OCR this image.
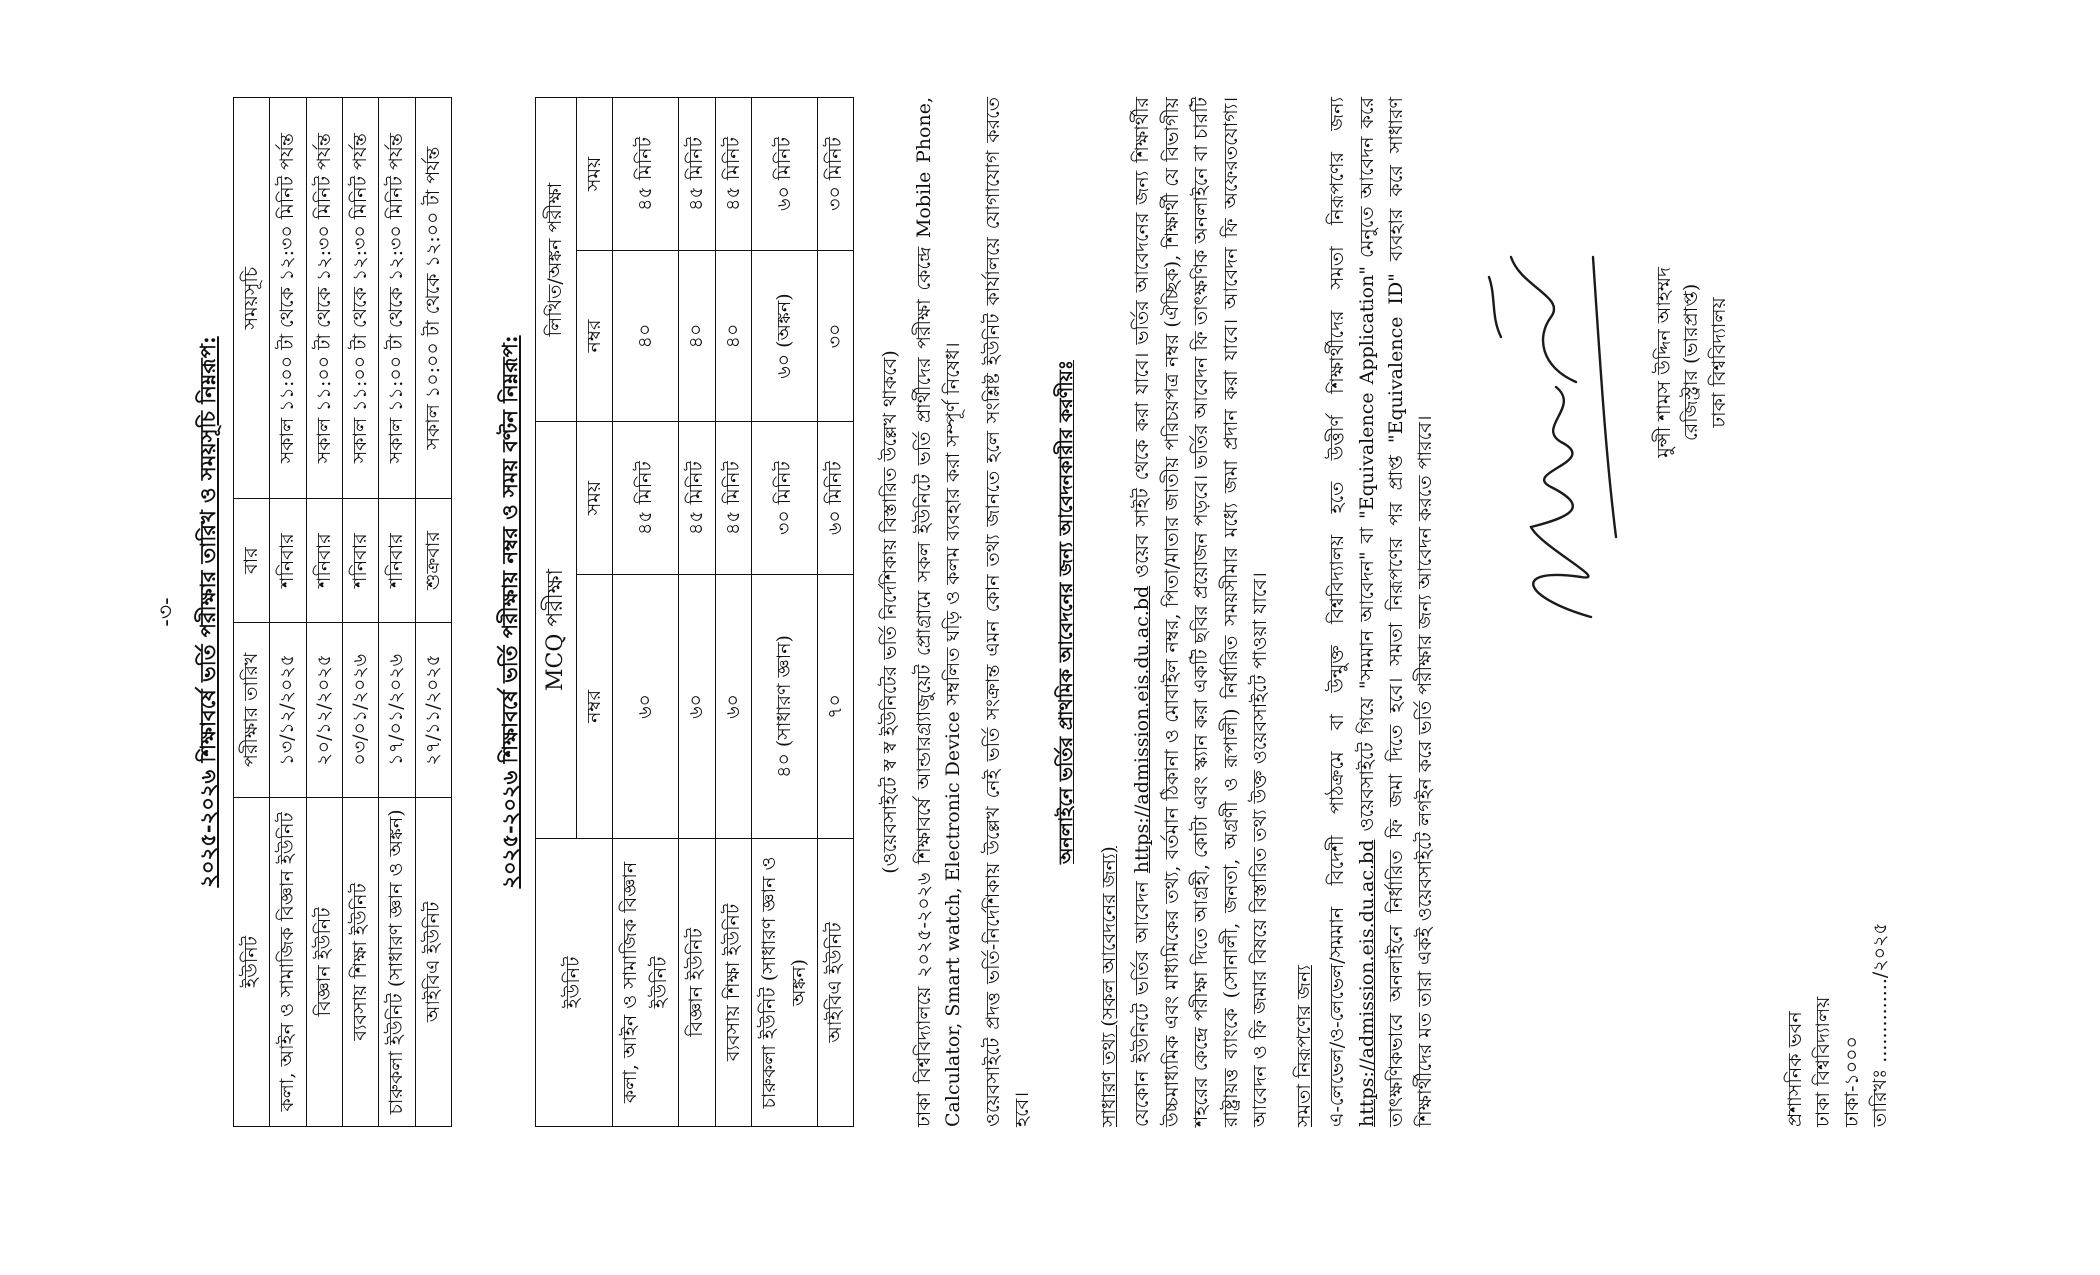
-৩- ২০২৫-২০২৬ শিক্ষাবর্ষে ভর্তি পরীক্ষার তারিখ ও সময়সূচি নিম্নরূপ:
ইউনিট	পরীক্ষার তারিখ	বার	সময়সূচি
কলা, আইন ও সামাজিক বিজ্ঞান ইউনিট	১৩/১২/২০২৫	শনিবার	সকাল ১১:০০ টা থেকে ১২:৩০ মিনিট পর্যন্ত
বিজ্ঞান ইউনিট	২০/১২/২০২৫	শনিবার	সকাল ১১:০০ টা থেকে ১২:৩০ মিনিট পর্যন্ত
ব্যবসায় শিক্ষা ইউনিট	০৩/০১/২০২৬	শনিবার	সকাল ১১:০০ টা থেকে ১২:৩০ মিনিট পর্যন্ত
চারুকলা ইউনিট (সাধারণ জ্ঞান ও অঙ্কন)	১৭/০১/২০২৬	শনিবার	সকাল ১১:০০ টা থেকে ১২:৩০ মিনিট পর্যন্ত
আইবিএ ইউনিট	২৭/১১/২০২৫	শুক্রবার	সকাল ১০:০০ টা থেকে ১২:০০ টা পর্যন্ত
২০২৫-২০২৬ শিক্ষাবর্ষে ভর্তি পরীক্ষায় নম্বর ও সময় বণ্টন নিম্নরূপ:
ইউনিট	MCQ পরীক্ষা		লিখিত/অঙ্কন পরীক্ষা	
	নম্বর	সময়	নম্বর	সময়
কলা, আইন ও সামাজিক বিজ্ঞান ইউনিট	৬০	৪৫ মিনিট	৪০	৪৫ মিনিট
বিজ্ঞান ইউনিট	৬০	৪৫ মিনিট	৪০	৪৫ মিনিট
ব্যবসায় শিক্ষা ইউনিট	৬০	৪৫ মিনিট	৪০	৪৫ মিনিট
চারুকলা ইউনিট (সাধারণ জ্ঞান ও অঙ্কন)	৪০ (সাধারণ জ্ঞান)	৩০ মিনিট	৬০ (অঙ্কন)	৬০ মিনিট
আইবিএ ইউনিট	৭০	৬০ মিনিট	৩০	৩০ মিনিট
(ওয়েবসাইটে স্ব স্ব ইউনিটের ভর্তি নির্দেশিকায় বিস্তারিত উল্লেখ থাকবে) ঢাকা বিশ্ববিদ্যালয়ে ২০২৫-২০২৬ শিক্ষাবর্ষে আন্ডারগ্র্যাজুয়েট প্রোগ্রামে সকল ইউনিটে ভর্তি প্রার্থীদের পরীক্ষা কেন্দ্রে Mobile Phone, Calculator, Smart watch, Electronic Device সম্বলিত ঘড়ি ও কলম ব্যবহার করা সম্পূর্ণ নিষেধ। ওয়েবসাইটে প্রদত্ত ভর্তি-নির্দেশিকায় উল্লেখ নেই ভর্তি সংক্রান্ত এমন কোন তথ্য জানতে হলে সংশ্লিষ্ট ইউনিট কার্যালয়ে যোগাযোগ করতে হবে।

অনলাইনে ভর্তির প্রাথমিক আবেদনের জন্য আবেদনকারীর করণীয়ঃ
সাধারণ তথ্য (সকল আবেদনের জন্য) যেকোন ইউনিটে ভর্তির আবেদন https://admission.eis.du.ac.bd ওয়েব সাইট থেকে করা যাবে। ভর্তির আবেদনের জন্য শিক্ষার্থীর উচ্চমাধ্যমিক এবং মাধ্যমিকের তথ্য, বর্তমান ঠিকানা ও মোবাইল নম্বর, পিতা/মাতার জাতীয় পরিচয়পত্র নম্বর (ঐচ্ছিক), শিক্ষার্থী যে বিভাগীয় শহরের কেন্দ্রে পরীক্ষা দিতে আগ্রহী, কোটা এবং স্ক্যান করা একটি ছবির প্রয়োজন পড়বে। ভর্তির আবেদন ফি তাৎক্ষণিক অনলাইনে বা চারটি রাষ্ট্রায়ত্ত ব্যাংকে (সোনালী, জনতা, অগ্রণী ও রূপালী) নির্ধারিত সময়সীমার মধ্যে জমা প্রদান করা যাবে। আবেদন ফি অফেরতযোগ্য। আবেদন ও ফি জমার বিষয়ে বিস্তারিত তথ্য উক্ত ওয়েবসাইটে পাওয়া যাবে। সমতা নিরূপণের জন্য এ-লেভেল/ও-লেভেল/সমমান বিদেশী পাঠক্রমে বা উন্মুক্ত বিশ্ববিদ্যালয় হতে উত্তীর্ণ শিক্ষার্থীদের সমতা নিরূপণের জন্য https://admission.eis.du.ac.bd ওয়েবসাইটে গিয়ে "সমমান আবেদন" বা "Equivalence Application" মেনুতে আবেদন করে তাৎক্ষণিকভাবে অনলাইনে নির্ধারিত ফি জমা দিতে হবে। সমতা নিরূপণের পর প্রাপ্ত "Equivalence ID" ব্যবহার করে সাধারণ শিক্ষার্থীদের মত তারা একই ওয়েবসাইটে লগইন করে ভর্তি পরীক্ষার জন্য আবেদন করতে পারবে।

মুন্সী শামস উদ্দিন আহম্মদ রেজিস্ট্রার (ভারপ্রাপ্ত) ঢাকা বিশ্ববিদ্যালয়
প্রশাসনিক ভবন ঢাকা বিশ্ববিদ্যালয় ঢাকা-১০০০ তারিখঃ ............../২০২৫
